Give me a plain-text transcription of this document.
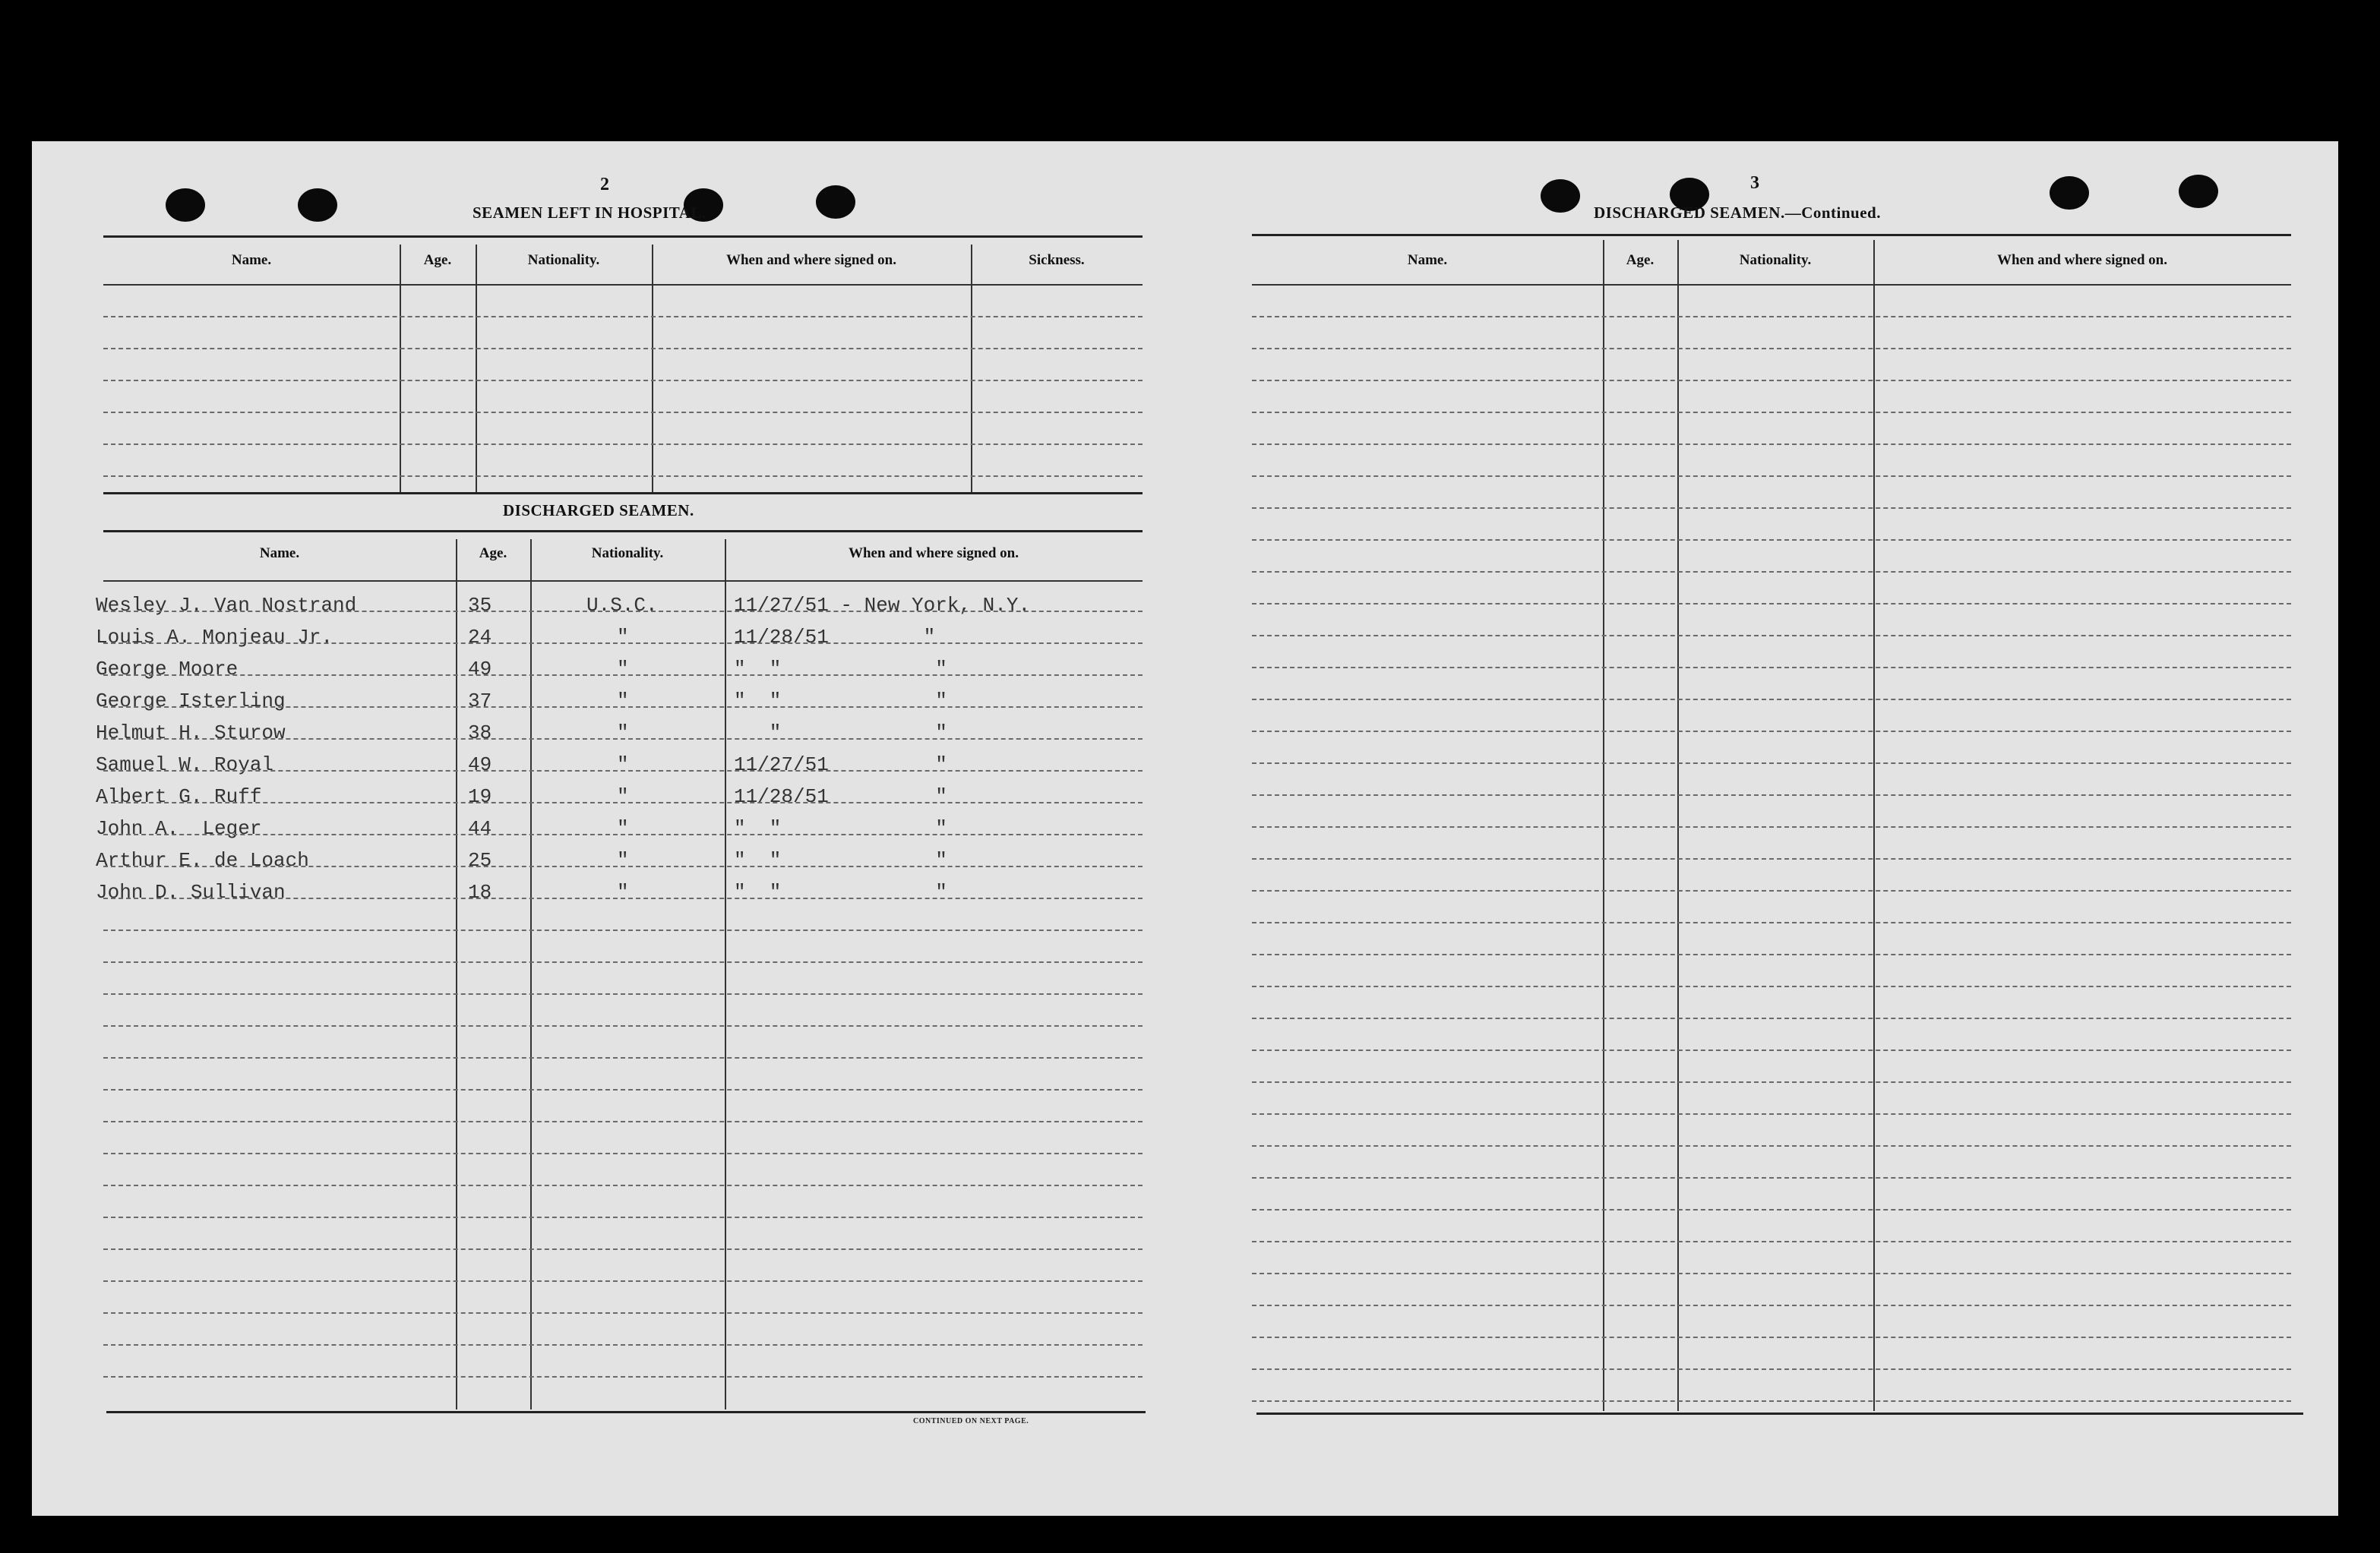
2
SEAMEN LEFT IN HOSPITAL.
Name.	Age.	Nationality.	When and where signed on.	Sickness.
DISCHARGED SEAMEN.
Name.	Age.	Nationality.	When and where signed on.
Wesley J. Van Nostrand	35	U.S.C.	11/27/51 - New York, N.Y.
Louis A. Monjeau Jr.	24	"	11/28/51        "
George Moore	49	"	"  "             "
George Isterling	37	"	"  "             "
Helmut H. Sturow	38	"	"             "
Samuel W. Royal	49	"	11/27/51         "
Albert G. Ruff	19	"	11/28/51         "
John A.  Leger	44	"	"  "             "
Arthur E. de Loach	25	"	"  "             "
John D. Sullivan	18	"	"  "             "
CONTINUED ON NEXT PAGE.
3
DISCHARGED SEAMEN.—Continued.
Name.	Age.	Nationality.	When and where signed on.
